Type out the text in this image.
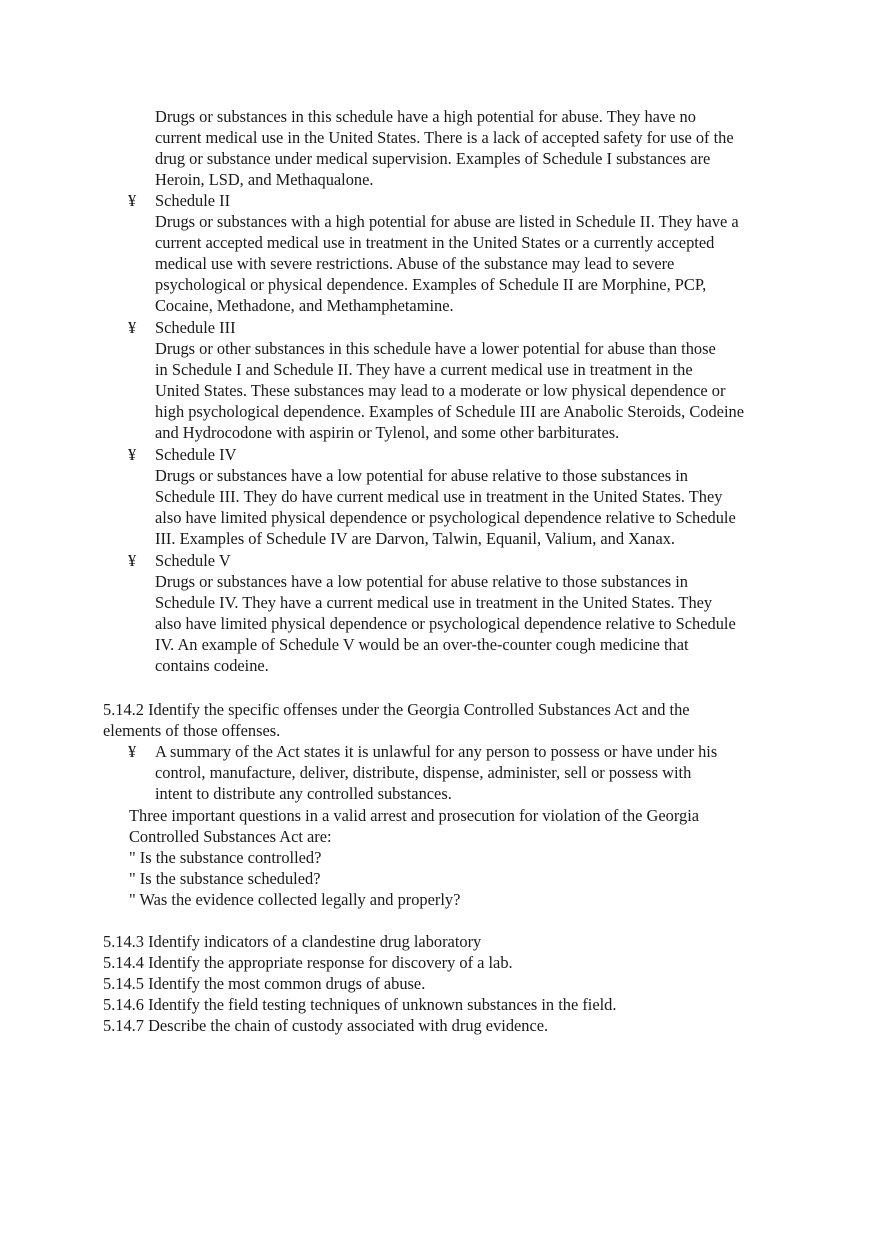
Drugs or substances in this schedule have a high potential for abuse. They have no
current medical use in the United States. There is a lack of accepted safety for use of the
drug or substance under medical supervision. Examples of Schedule I substances are
Heroin, LSD, and Methaqualone.
¥ Schedule II
Drugs or substances with a high potential for abuse are listed in Schedule II. They have a
current accepted medical use in treatment in the United States or a currently accepted
medical use with severe restrictions. Abuse of the substance may lead to severe
psychological or physical dependence. Examples of Schedule II are Morphine, PCP,
Cocaine, Methadone, and Methamphetamine.
¥ Schedule III
Drugs or other substances in this schedule have a lower potential for abuse than those
in Schedule I and Schedule II. They have a current medical use in treatment in the
United States. These substances may lead to a moderate or low physical dependence or
high psychological dependence. Examples of Schedule III are Anabolic Steroids, Codeine
and Hydrocodone with aspirin or Tylenol, and some other barbiturates.
¥ Schedule IV
Drugs or substances have a low potential for abuse relative to those substances in
Schedule III. They do have current medical use in treatment in the United States. They
also have limited physical dependence or psychological dependence relative to Schedule
III. Examples of Schedule IV are Darvon, Talwin, Equanil, Valium, and Xanax.
¥ Schedule V
Drugs or substances have a low potential for abuse relative to those substances in
Schedule IV. They have a current medical use in treatment in the United States. They
also have limited physical dependence or psychological dependence relative to Schedule
IV. An example of Schedule V would be an over-the-counter cough medicine that
contains codeine.
5.14.2 Identify the specific offenses under the Georgia Controlled Substances Act and the
elements of those offenses.
¥ A summary of the Act states it is unlawful for any person to possess or have under his
control, manufacture, deliver, distribute, dispense, administer, sell or possess with
intent to distribute any controlled substances.
Three important questions in a valid arrest and prosecution for violation of the Georgia
Controlled Substances Act are:
" Is the substance controlled?
" Is the substance scheduled?
" Was the evidence collected legally and properly?
5.14.3 Identify indicators of a clandestine drug laboratory
5.14.4 Identify the appropriate response for discovery of a lab.
5.14.5 Identify the most common drugs of abuse.
5.14.6 Identify the field testing techniques of unknown substances in the field.
5.14.7 Describe the chain of custody associated with drug evidence.
